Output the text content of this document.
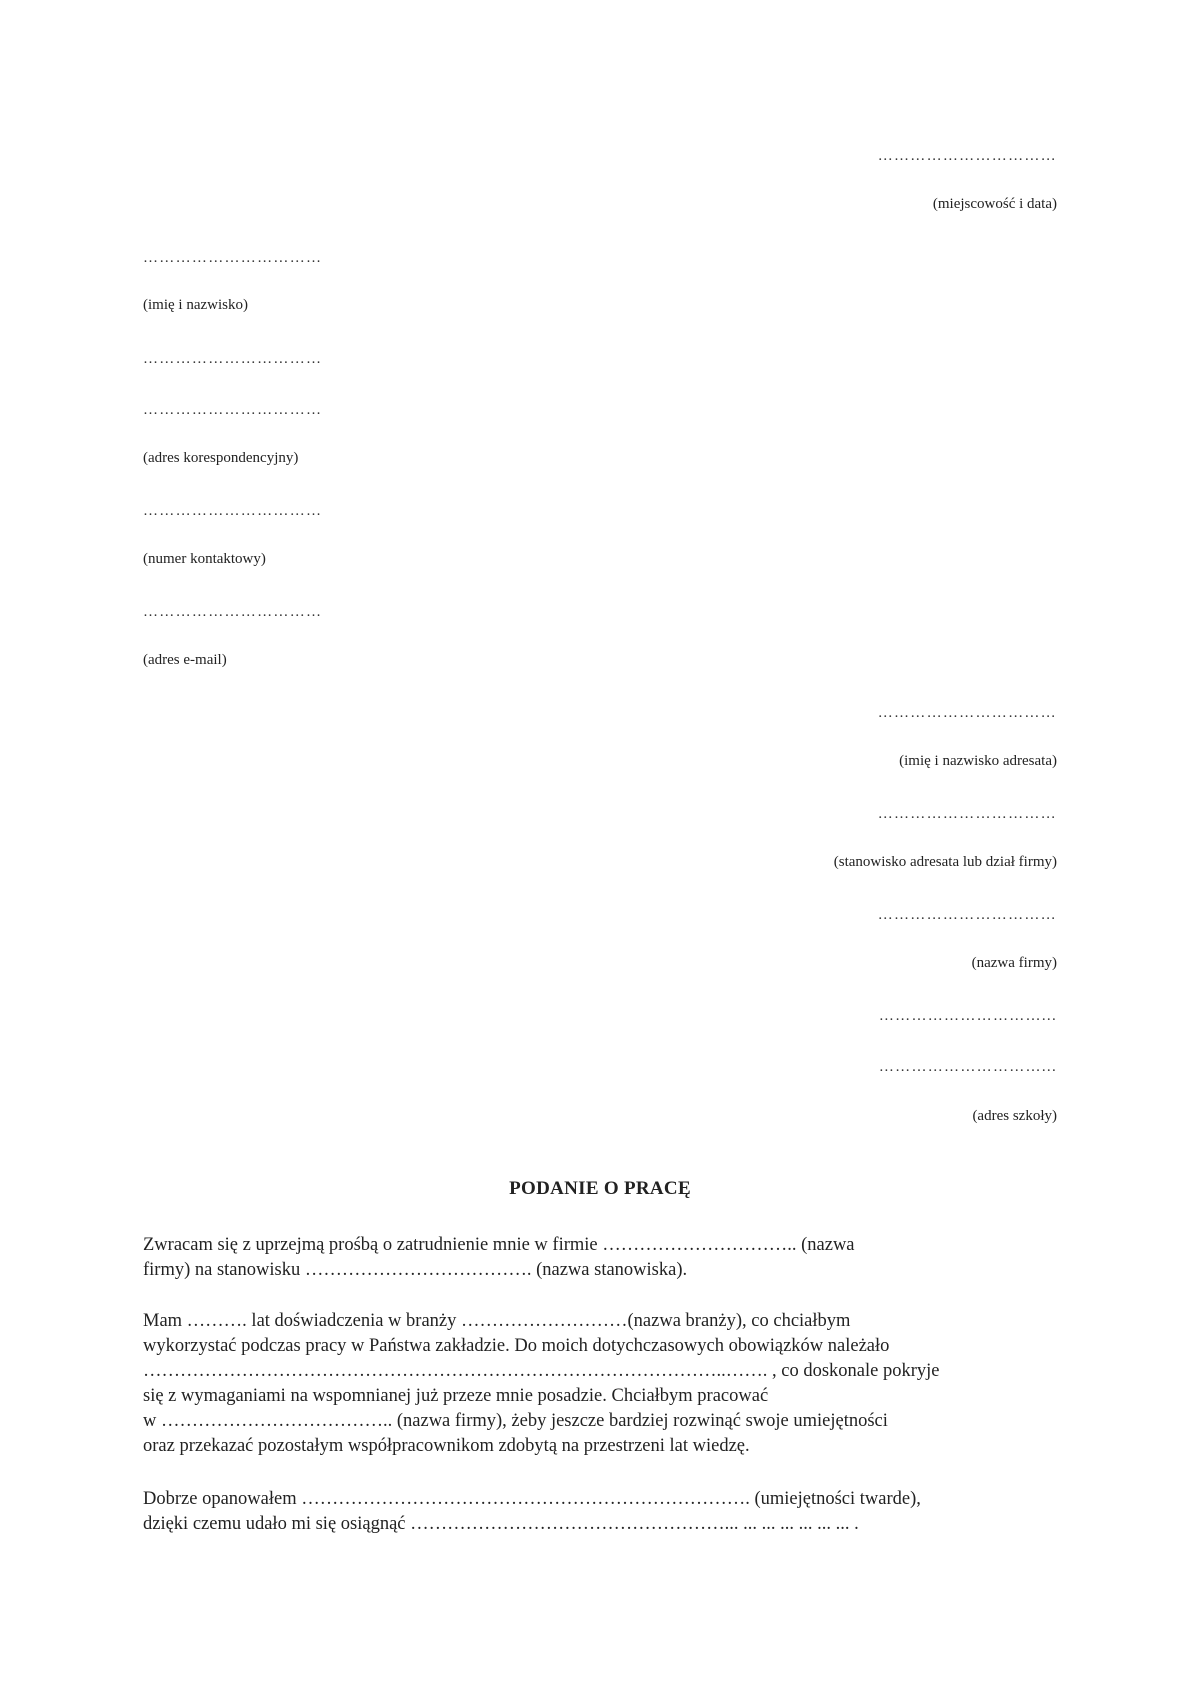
……………………………
(miejscowość i data)
……………………………
(imię i nazwisko)
……………………………
……………………………
(adres korespondencyjny)
……………………………
(numer kontaktowy)
……………………………
(adres e-mail)
……………………………
(imię i nazwisko adresata)
……………………………
(stanowisko adresata lub dział firmy)
……………………………
(nazwa firmy)
…………………………...
…………………………...
(adres szkoły)
PODANIE O PRACĘ
Zwracam się z uprzejmą prośbą o zatrudnienie mnie w firmie ………………………….. (nazwa
firmy) na stanowisku ………………………………. (nazwa stanowiska).
Mam ………. lat doświadczenia w branży ………………………(nazwa branży), co chciałbym
wykorzystać podczas pracy w Państwa zakładzie. Do moich dotychczasowych obowiązków należało
…………………………………………………………………………………..……. , co doskonale pokryje
się z wymaganiami na wspomnianej już przeze mnie posadzie. Chciałbym pracować
w ……………………………….. (nazwa firmy), żeby jeszcze bardziej rozwinąć swoje umiejętności
oraz przekazać pozostałym współpracownikom zdobytą na przestrzeni lat wiedzę.
Dobrze opanowałem ………………………………………………………………. (umiejętności twarde),
dzięki czemu udało mi się osiągnąć ……………………………………………... ... ... ... ... ... ... .
